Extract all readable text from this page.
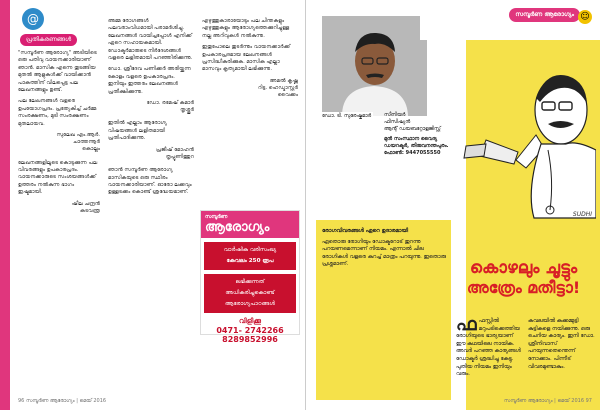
@
പ്രതികരണങ്ങൾ

"സമ്പൂർണ ആരോഗ്യ" അടിയിടെ ഒരു പതിവു വായനക്കാരിയാണ് ഞാൻ. മാസിക എന്നെ തുടങ്ങിയ മുതൽ ആളുകൾക്ക് വായിക്കാൻ പാകത്തിന് വിലപ്പെട്ട പല ലേഖനങ്ങളും ഉണ്ട്.

പല ലേഖനങ്ങൾ വളരെ ഉപയോഗപ്രദം. പ്രത്യേകിച്ച് ചർമ്മ സംരക്ഷണം, മുടി സംരക്ഷണം മുതലായവ.

സുലേഖ എം.ആർ.
ചാത്തന്നൂർ
കൊല്ലം

ലേഖനങ്ങളിലൂടെ കൊടുക്കുന്ന പല വിവരങ്ങളും ഉപകാരപ്രദം. വായനക്കാരുടെ സംശയങ്ങൾക്ക് ഉത്തരം നൽകുന്ന ഭാഗം ഇഷ്ടമായി.

ഷീല ചന്ദ്രൻ
കടവന്ത്ര

അമ്മ രോഗങ്ങൾ പലവരാംവിധമായി പരാമർശിച്ചു. ലേഖനങ്ങൾ വായിച്ചപ്പോൾ എനിക്ക് ഏറെ സഹായകമായി. ഡോക്ടർമാരുടെ നിർദേശങ്ങൾ വളരെ ലളിതമായി പറഞ്ഞിരിക്കുന്നു.

ഡോ. ശ്രീദേവ പണിക്കർ അരിയ്ക്കുന്ന കോളം വളരെ ഉപകാരപ്രദം. ഇനിയും ഇത്തരം ലേഖനങ്ങൾ പ്രതീക്ഷിക്കുന്നു.

ഡോ. രമേഷ് കുമാർ
തൃശ്ശൂർ

ഇതിൽ എല്ലാം ആരോഗ്യ വിഷയങ്ങൾ ലളിതമായി പ്രതിപാദിക്കുന്നു.

പ്രജീഷ് മോഹൻ
തൃപ്പൂണിത്തുറ

ഞാൻ സമ്പൂർണ ആരോഗ്യ മാസികയുടെ ഒരു സ്ഥിരം വായനക്കാരിയാണ്. ഓരോ ലക്കവും ഉള്ളടക്കം കൊണ്ട് ശ്രദ്ധേയമാണ്.

എഴുത്തുകാരായോടും പല ചിന്തകളും എഴുത്തുകളും ആരോഗ്യത്തെക്കുറിച്ചുള്ള നല്ല അറിവുകൾ നൽകുന്നു.

ഇതുപോലെ തുടർന്നും വായനക്കാർക്ക് ഉപകാരപ്രദമായ ലേഖനങ്ങൾ പ്രസിദ്ധീകരിക്കുക. മാസിക എല്ലാ മാസവും കൃത്യമായി ലഭിക്കുന്നു.

അമൽ കൃഷ്ണ
റിട്ട. ഹെഡ്മാസ്റ്റർ
വൈക്കം
സമ്പൂർണ
ആരോഗ്യം
വാർഷിക വരിസംഖ്യ
കേവലം 250 രൂപ
ലഭിക്കുന്നത്
അധികരിച്ചുകൊണ്ട്
ആരോഗ്യപാഠങ്ങൾ
വിളിക്കൂ
0471- 2742266
8289852996
96 സമ്പൂർണ ആരോഗ്യം | മെയ് 2016
ഡോ. ടി. സുരേഷ്കുമാർ	സീനിയർ
ഫിസിഷ്യൻ
ആന്റ് ഡയബറ്റോളജിസ്റ്റ്
മുൻ സംസ്ഥാന വൈദ്യ ഡയറക്ടർ, തിരുവനന്തപുരം. ഫോൺ: 9447055550
സമ്പൂർണ ആരോഗ്യം ☺
SUDHI
കൊഴലും ചൂട്ടും
അത്രേം മതീട്ടാ!

രോഗവിവരങ്ങൾ ഏറെ ഉദാരമായി

ഏതൊരു രോഗിയും ഡോക്ടറോട് തുറന്നു പറയണമെന്നാണ് നിയമം. എന്നാൽ ചില രോഗികൾ വളരെ കുറച്ച് മാത്രം പറയുന്നു. ഇതൊരു പ്രശ്നമാണ്.

ഫ ഫസ്റ്റിൽ മറുപടിക്കെത്തിയ രോഗിയുടെ ഭാര്യയാണ് ഈ കഥയിലെ നായിക. അവർ പറഞ്ഞ കാര്യങ്ങൾ ഡോക്ടർ ശ്രദ്ധിച്ചു കേട്ടു. പുതിയ നിയമം ഇനിയും വരും.
കവലയിൽ കക്കമ്മുട്ടി കുട്ടികളെ നയിക്കുന്നു. ഒരു ചെറിയ കാര്യം. ഇനി ഡോ. ശ്രീനിവാസ് പറയുന്നതെന്തെന്ന് നോക്കാം. പിന്നീട് വിവരമുണ്ടാകും.
സമ്പൂർണ ആരോഗ്യം | മെയ് 2016 97
